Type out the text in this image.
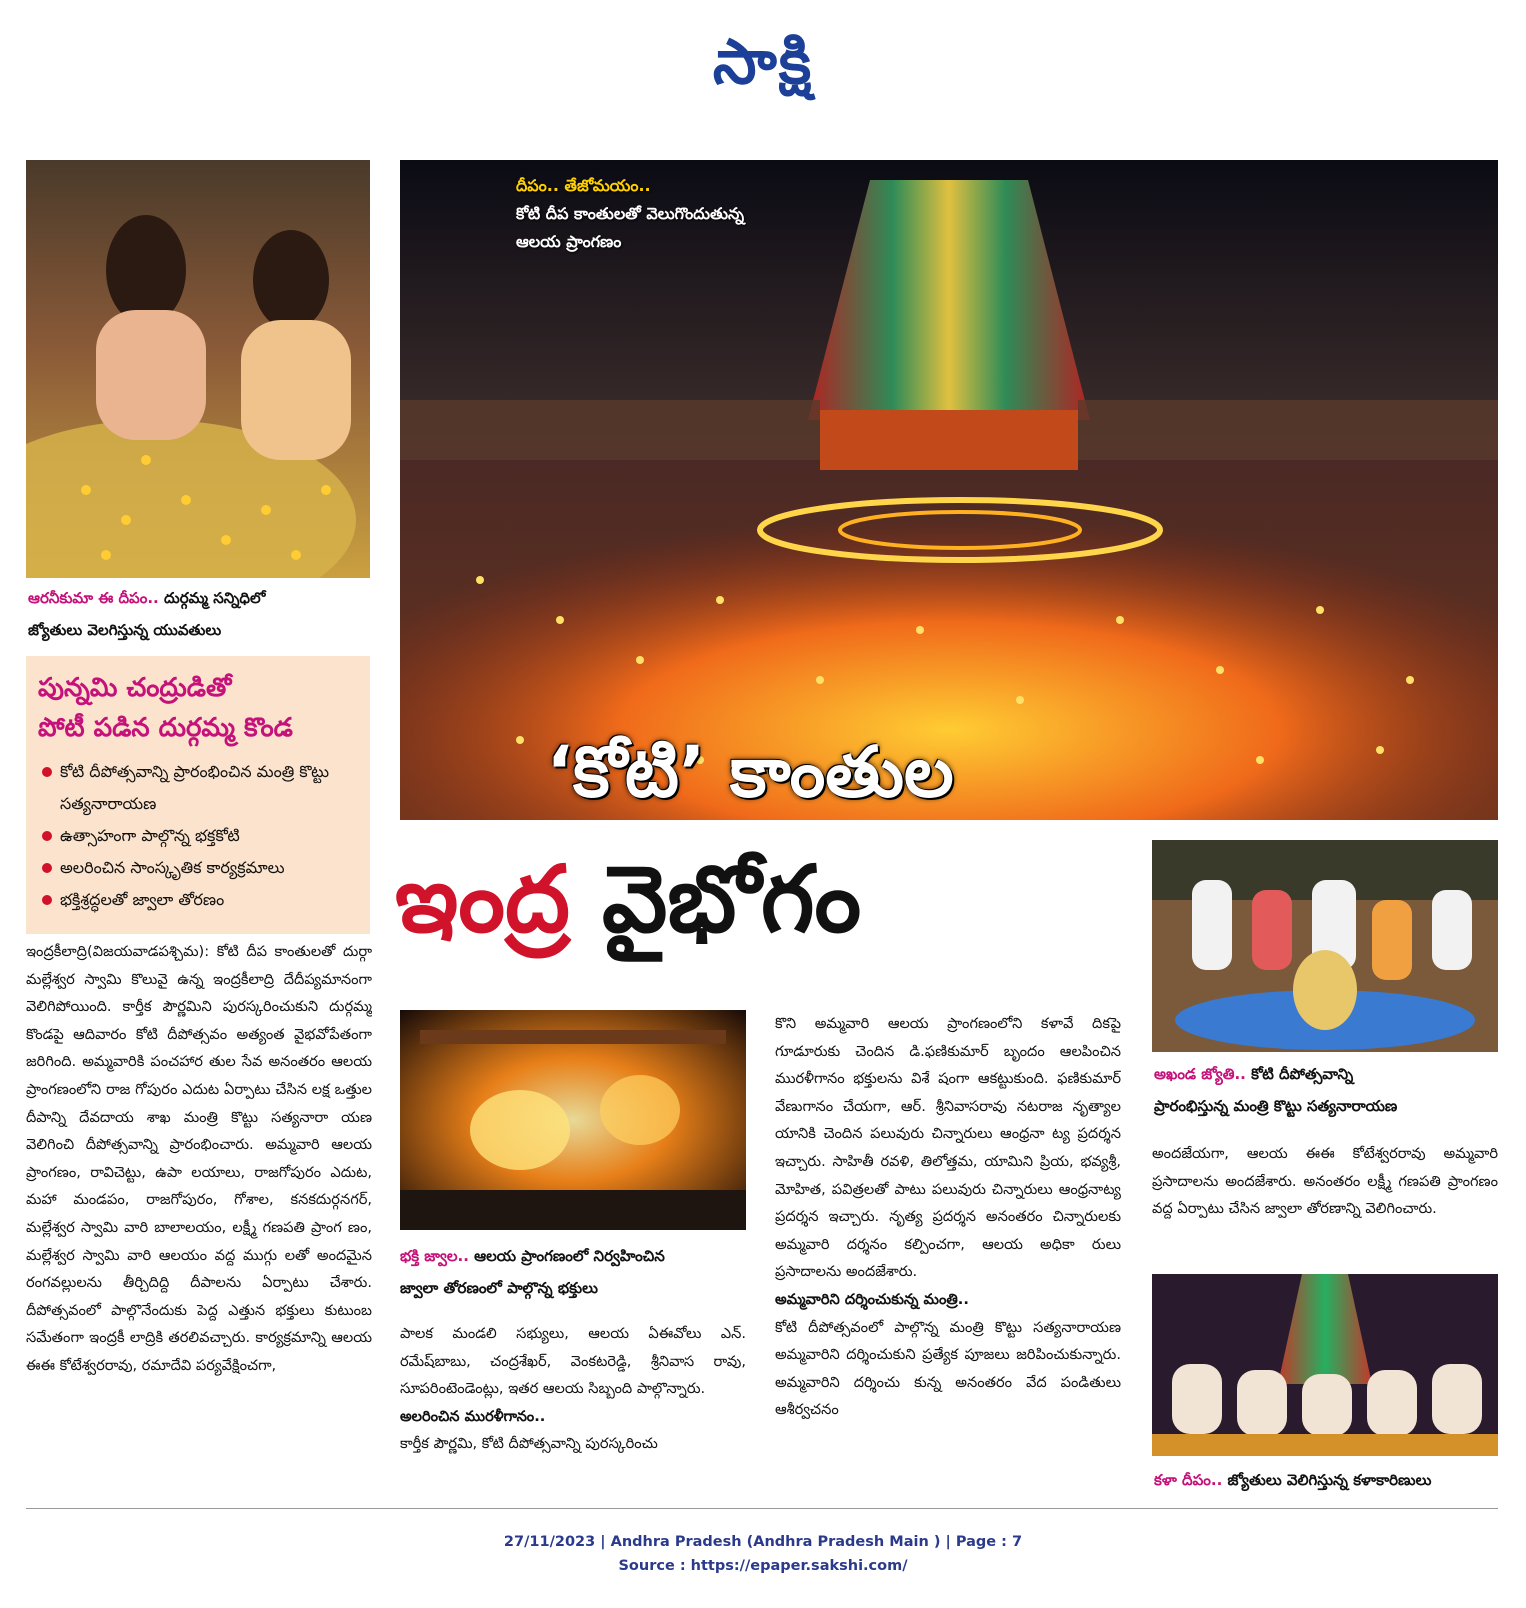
సాక్షి
ఆరనీకుమా ఈ దీపం.. దుర్గమ్మ సన్నిధిలో
జ్యోతులు వెలగిస్తున్న యువతులు
పున్నమి చంద్రుడితో
పోటీ పడిన దుర్గమ్మ కొండ
కోటి దీపోత్సవాన్ని ప్రారంభించిన మంత్రి కొట్టు సత్యనారాయణ
ఉత్సాహంగా పాల్గొన్న భక్తకోటి
అలరించిన సాంస్కృతిక కార్యక్రమాలు
భక్తిశ్రద్ధలతో జ్వాలా తోరణం
దీపం.. తేజోమయం..
కోటి దీప కాంతులతో వెలుగొందుతున్న
ఆలయ ప్రాంగణం
‘కోటి’ కాంతుల
ఇంద్ర వైభోగం

ఇంద్రకీలాద్రి(విజయవాడపశ్చిమ): కోటి దీప కాంతులతో దుర్గా మల్లేశ్వర స్వామి కొలువై ఉన్న ఇంద్రకీలాద్రి దేదీప్యమానంగా వెలిగిపోయింది. కార్తీక పౌర్ణమిని పురస్కరించుకుని దుర్గమ్మ కొండపై ఆదివారం కోటి దీపోత్సవం అత్యంత వైభవోపేతంగా జరిగింది. అమ్మవారికి పంచహార తుల సేవ అనంతరం ఆలయ ప్రాంగణంలోని రాజ గోపురం ఎదుట ఏర్పాటు చేసిన లక్ష ఒత్తుల దీపాన్ని దేవదాయ శాఖ మంత్రి కొట్టు సత్యనారా యణ వెలిగించి దీపోత్సవాన్ని ప్రారంభించారు. అమ్మవారి ఆలయ ప్రాంగణం, రావిచెట్టు, ఉపా లయాలు, రాజగోపురం ఎదుట, మహా మండపం, రాజగోపురం, గోశాల, కనకదుర్గనగర్, మల్లేశ్వర స్వామి వారి బాలాలయం, లక్ష్మీ గణపతి ప్రాంగ ణం, మల్లేశ్వర స్వామి వారి ఆలయం వద్ద ముగ్గు లతో అందమైన రంగవల్లులను తీర్చిదిద్ది దీపాలను ఏర్పాటు చేశారు. దీపోత్సవంలో పాల్గొనేందుకు పెద్ద ఎత్తున భక్తులు కుటుంబ సమేతంగా ఇంద్రకీ లాద్రికి తరలివచ్చారు. కార్యక్రమాన్ని ఆలయ ఈఈ కోటేశ్వరరావు, రమాదేవి పర్యవేక్షించగా,

భక్తి జ్వాల.. ఆలయ ప్రాంగణంలో నిర్వహించిన
జ్వాలా తోరణంలో పాల్గొన్న భక్తులు

పాలక మండలి సభ్యులు, ఆలయ ఏఈవోలు ఎన్. రమేష్‌బాబు, చంద్రశేఖర్, వెంకటరెడ్డి, శ్రీనివాస రావు, సూపరింటెండెంట్లు, ఇతర ఆలయ సిబ్బంది పాల్గొన్నారు.

అలరించిన మురళీగానం..

కార్తీక పౌర్ణమి, కోటి దీపోత్సవాన్ని పురస్కరించు

కొని అమ్మవారి ఆలయ ప్రాంగణంలోని కళావే దికపై గూడూరుకు చెందిన డి.ఫణికుమార్ బృందం ఆలపించిన మురళీగానం భక్తులను విశే షంగా ఆకట్టుకుంది. ఫణికుమార్ వేణుగానం చేయగా, ఆర్. శ్రీనివాసరావు నటరాజ నృత్యాల యానికి చెందిన పలువురు చిన్నారులు ఆంధ్రనా ట్య ప్రదర్శన ఇచ్చారు. సాహితీ రవళి, తిలోత్తమ, యామిని ప్రియ, భవ్యశ్రీ, మోహిత, పవిత్రలతో పాటు పలువురు చిన్నారులు ఆంధ్రనాట్య ప్రదర్శన ఇచ్చారు. నృత్య ప్రదర్శన అనంతరం చిన్నారులకు అమ్మవారి దర్శనం కల్పించగా, ఆలయ అధికా రులు ప్రసాదాలను అందజేశారు.

అమ్మవారిని దర్శించుకున్న మంత్రి..

కోటి దీపోత్సవంలో పాల్గొన్న మంత్రి కొట్టు సత్యనారాయణ అమ్మవారిని దర్శించుకుని ప్రత్యేక పూజలు జరిపించుకున్నారు. అమ్మవారిని దర్శించు కున్న అనంతరం వేద పండితులు ఆశీర్వచనం

అఖండ జ్యోతి.. కోటి దీపోత్సవాన్ని
ప్రారంభిస్తున్న మంత్రి కొట్టు సత్యనారాయణ

అందజేయగా, ఆలయ ఈఈ కోటేశ్వరరావు అమ్మవారి ప్రసాదాలను అందజేశారు. అనంతరం లక్ష్మీ గణపతి ప్రాంగణం వద్ద ఏర్పాటు చేసిన జ్వాలా తోరణాన్ని వెలిగించారు.

కళా దీపం.. జ్యోతులు వెలిగిస్తున్న కళాకారిణులు
27/11/2023 | Andhra Pradesh (Andhra Pradesh Main ) | Page : 7
Source : https://epaper.sakshi.com/
